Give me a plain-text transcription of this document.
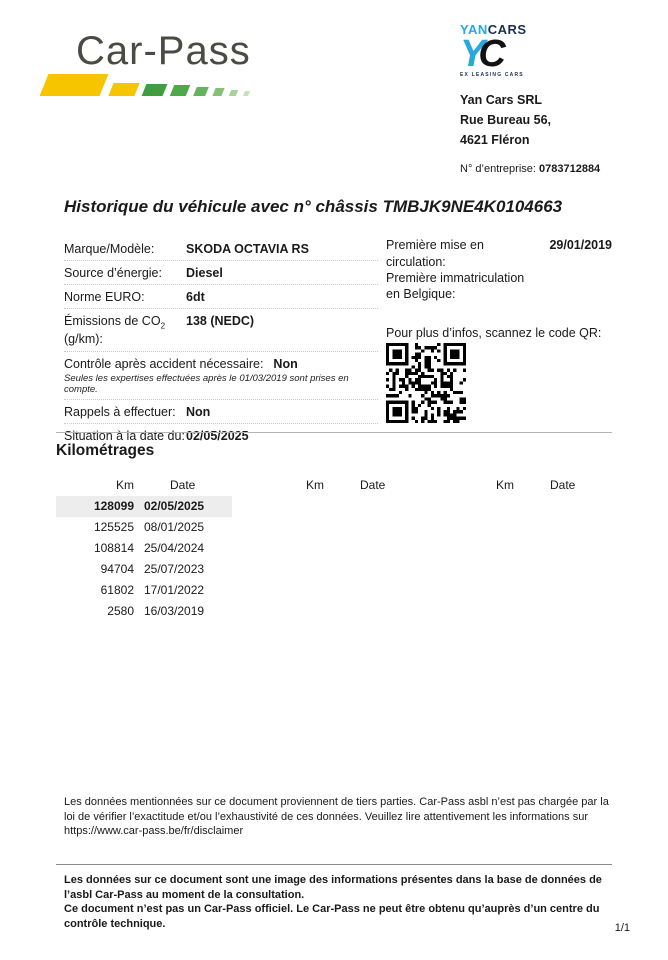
Car-Pass	YANCARS
YC
EX LEASING CARS
Yan Cars SRL
Rue Bureau 56,
4621 Fléron
N° d’entreprise: 0783712884
Historique du véhicule avec n° châssis TMBJK9NE4K0104663
Marque/Modèle:	SKODA OCTAVIA RS
Source d’énergie:	Diesel
Norme EURO:	6dt
Émissions de $CO_2$
(g/km):
138 (NEDC)
Contrôle après accident nécessaire: Non
Seules les expertises effectuées après le 01/03/2019 sont prises en compte.
Rappels à effectuer: Non
Situation à la date du: 02/05/2025
Première mise en circulation:
29/01/2019
Première immatriculation en Belgique:
Pour plus d’infos, scannez le code QR:
Kilométrages
Km	Date
128099 02/05/2025
125525 08/01/2025
108814 25/04/2024
94704 25/07/2023
61802 17/01/2022
2580 16/03/2019
Km	Date	Km	Date
Les données mentionnées sur ce document proviennent de tiers parties. Car-Pass asbl n’est pas chargée par la loi de vérifier l’exactitude et/ou l’exhaustivité de ces données. Veuillez lire attentivement les informations sur https://www.car-pass.be/fr/disclaimer

Les données sur ce document sont une image des informations présentes dans la base de données de l’asbl Car-Pass au moment de la consultation.

Ce document n’est pas un Car-Pass officiel. Le Car-Pass ne peut être obtenu qu’auprès d’un centre du contrôle technique.	1/1
